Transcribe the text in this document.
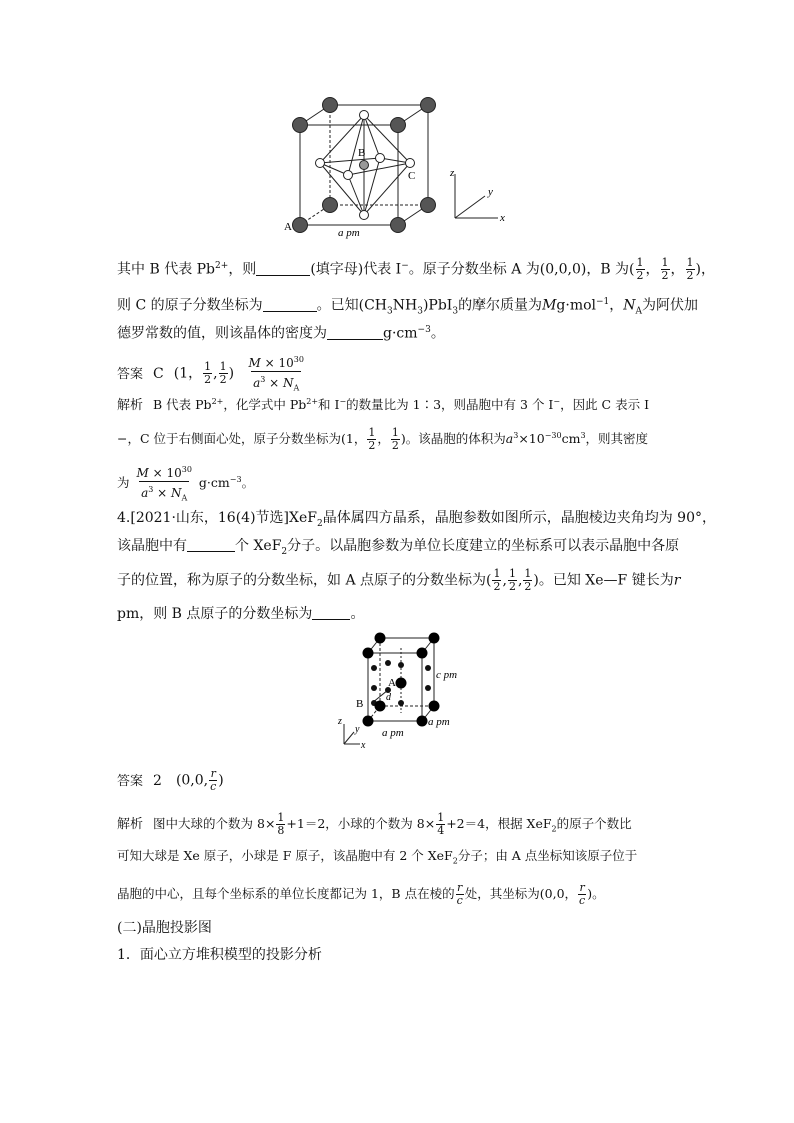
B
C
A	a pm
z
x
y
其中 B 代表 $Pb^{2+}$，则	(填字母)代表 I−。原子分数坐标 A 为(0,0,0)，B 为( $\frac{1}{2}$ ， $\frac{1}{2}$ ， $\frac{1}{2}$ )，
则 C 的原子分数坐标为	。已知$(CH_3NH_3)PbI_3$的摩尔质量为Mg·mol$^{-1}$，$N_A$为阿伏加
德罗常数的值，则该晶体的密度为	$g\cdot cm^{-3}$。
答案 C (1， $\frac{1}{2}$ , $\frac{1}{2}$ ) $\frac{M \times 10^{30}}{a^3 \times N_A}$
解析 B 代表 $Pb^{2+}$，化学式中 $Pb^{2+}$和 I−的数量比为 1∶3，则晶胞中有 3 个 I−，因此 C 表示 I
−，C 位于右侧面心处，原子分数坐标为(1， $\frac{1}{2}$ ， $\frac{1}{2}$ )。该晶胞的体积为$a^3\times 10^{-30}cm^3$，则其密度
为 $\frac{M \times 10^{30}}{a^3 \times N_A} g\cdot cm^{-3}$。
4.[2021·山东，16(4)节选]XeF$_2$晶体属四方晶系，晶胞参数如图所示，晶胞棱边夹角均为 90°，
该晶胞中有	个 XeF$_2$分子。以晶胞参数为单位长度建立的坐标系可以表示晶胞中各原
子的位置，称为原子的分数坐标，如 A 点原子的分数坐标为( $\frac{1}{2}$ , $\frac{1}{2}$ , $\frac{1}{2}$ )。已知 Xe—F 键长为r
pm，则 B 点原子的分数坐标为	。
A
B
d
c pm
a pm
a pm
z
x
y
答案 2 (0,0, $\frac{r}{c}$ )
解析 图中大球的个数为 $8\times \frac{1}{8} +1=2$，小球的个数为 $8\times \frac{1}{4} +2=4$，根据 XeF$_2$的原子个数比
可知大球是 Xe 原子，小球是 F 原子，该晶胞中有 2 个 XeF$_2$分子；由 A 点坐标知该原子位于
晶胞的中心，且每个坐标系的单位长度都记为 1，B 点在棱的 $\frac{r}{c}$ 处，其坐标为(0,0， $\frac{r}{c}$ )。
(二)晶胞投影图
1．面心立方堆积模型的投影分析
